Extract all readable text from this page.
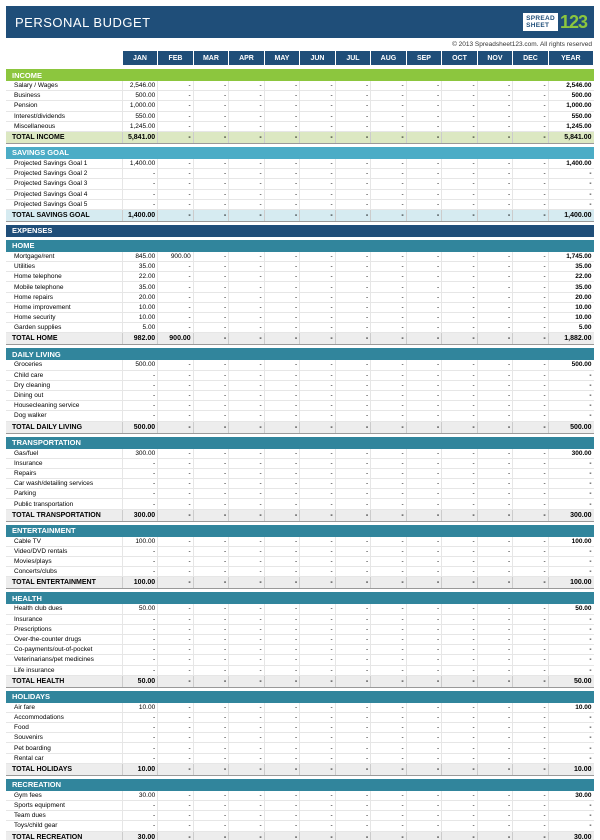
PERSONAL BUDGET	SPREAD
SHEET 123
© 2013 Spreadsheet123.com. All rights reserved
	JAN	FEB	MAR	APR	MAY	JUN	JUL	AUG	SEP	OCT	NOV	DEC	YEAR

INCOME													
Salary / Wages	2,546.00	-	-	-	-	-	-	-	-	-	-	-	2,546.00
Business	500.00	-	-	-	-	-	-	-	-	-	-	-	500.00
Pension	1,000.00	-	-	-	-	-	-	-	-	-	-	-	1,000.00
Interest/dividends	550.00	-	-	-	-	-	-	-	-	-	-	-	550.00
Miscellaneous	1,245.00	-	-	-	-	-	-	-	-	-	-	-	1,245.00
TOTAL INCOME	5,841.00	-	-	-	-	-	-	-	-	-	-	-	5,841.00

SAVINGS GOAL													
Projected Savings Goal 1	1,400.00	-	-	-	-	-	-	-	-	-	-	-	1,400.00
Projected Savings Goal 2	-	-	-	-	-	-	-	-	-	-	-	-	-
Projected Savings Goal 3	-	-	-	-	-	-	-	-	-	-	-	-	-
Projected Savings Goal 4	-	-	-	-	-	-	-	-	-	-	-	-	-
Projected Savings Goal 5	-	-	-	-	-	-	-	-	-	-	-	-	-
TOTAL SAVINGS GOAL	1,400.00	-	-	-	-	-	-	-	-	-	-	-	1,400.00

EXPENSES													

HOME													
Mortgage/rent	845.00	900.00	-	-	-	-	-	-	-	-	-	-	1,745.00
Utilities	35.00	-	-	-	-	-	-	-	-	-	-	-	35.00
Home telephone	22.00	-	-	-	-	-	-	-	-	-	-	-	22.00
Mobile telephone	35.00	-	-	-	-	-	-	-	-	-	-	-	35.00
Home repairs	20.00	-	-	-	-	-	-	-	-	-	-	-	20.00
Home improvement	10.00	-	-	-	-	-	-	-	-	-	-	-	10.00
Home security	10.00	-	-	-	-	-	-	-	-	-	-	-	10.00
Garden supplies	5.00	-	-	-	-	-	-	-	-	-	-	-	5.00
TOTAL HOME	982.00	900.00	-	-	-	-	-	-	-	-	-	-	1,882.00

DAILY LIVING													
Groceries	500.00	-	-	-	-	-	-	-	-	-	-	-	500.00
Child care	-	-	-	-	-	-	-	-	-	-	-	-	-
Dry cleaning	-	-	-	-	-	-	-	-	-	-	-	-	-
Dining out	-	-	-	-	-	-	-	-	-	-	-	-	-
Housecleaning service	-	-	-	-	-	-	-	-	-	-	-	-	-
Dog walker	-	-	-	-	-	-	-	-	-	-	-	-	-
TOTAL DAILY LIVING	500.00	-	-	-	-	-	-	-	-	-	-	-	500.00

TRANSPORTATION													
Gas/fuel	300.00	-	-	-	-	-	-	-	-	-	-	-	300.00
Insurance	-	-	-	-	-	-	-	-	-	-	-	-	-
Repairs	-	-	-	-	-	-	-	-	-	-	-	-	-
Car wash/detailing services	-	-	-	-	-	-	-	-	-	-	-	-	-
Parking	-	-	-	-	-	-	-	-	-	-	-	-	-
Public transportation	-	-	-	-	-	-	-	-	-	-	-	-	-
TOTAL TRANSPORTATION	300.00	-	-	-	-	-	-	-	-	-	-	-	300.00

ENTERTAINMENT													
Cable TV	100.00	-	-	-	-	-	-	-	-	-	-	-	100.00
Video/DVD rentals	-	-	-	-	-	-	-	-	-	-	-	-	-
Movies/plays	-	-	-	-	-	-	-	-	-	-	-	-	-
Concerts/clubs	-	-	-	-	-	-	-	-	-	-	-	-	-
TOTAL ENTERTAINMENT	100.00	-	-	-	-	-	-	-	-	-	-	-	100.00

HEALTH													
Health club dues	50.00	-	-	-	-	-	-	-	-	-	-	-	50.00
Insurance	-	-	-	-	-	-	-	-	-	-	-	-	-
Prescriptions	-	-	-	-	-	-	-	-	-	-	-	-	-
Over-the-counter drugs	-	-	-	-	-	-	-	-	-	-	-	-	-
Co-payments/out-of-pocket	-	-	-	-	-	-	-	-	-	-	-	-	-
Veterinarians/pet medicines	-	-	-	-	-	-	-	-	-	-	-	-	-
Life insurance	-	-	-	-	-	-	-	-	-	-	-	-	-
TOTAL HEALTH	50.00	-	-	-	-	-	-	-	-	-	-	-	50.00

HOLIDAYS													
Air fare	10.00	-	-	-	-	-	-	-	-	-	-	-	10.00
Accommodations	-	-	-	-	-	-	-	-	-	-	-	-	-
Food	-	-	-	-	-	-	-	-	-	-	-	-	-
Souvenirs	-	-	-	-	-	-	-	-	-	-	-	-	-
Pet boarding	-	-	-	-	-	-	-	-	-	-	-	-	-
Rental car	-	-	-	-	-	-	-	-	-	-	-	-	-
TOTAL HOLIDAYS	10.00	-	-	-	-	-	-	-	-	-	-	-	10.00

RECREATION													
Gym fees	30.00	-	-	-	-	-	-	-	-	-	-	-	30.00
Sports equipment	-	-	-	-	-	-	-	-	-	-	-	-	-
Team dues	-	-	-	-	-	-	-	-	-	-	-	-	-
Toys/child gear	-	-	-	-	-	-	-	-	-	-	-	-	-
TOTAL RECREATION	30.00	-	-	-	-	-	-	-	-	-	-	-	30.00
